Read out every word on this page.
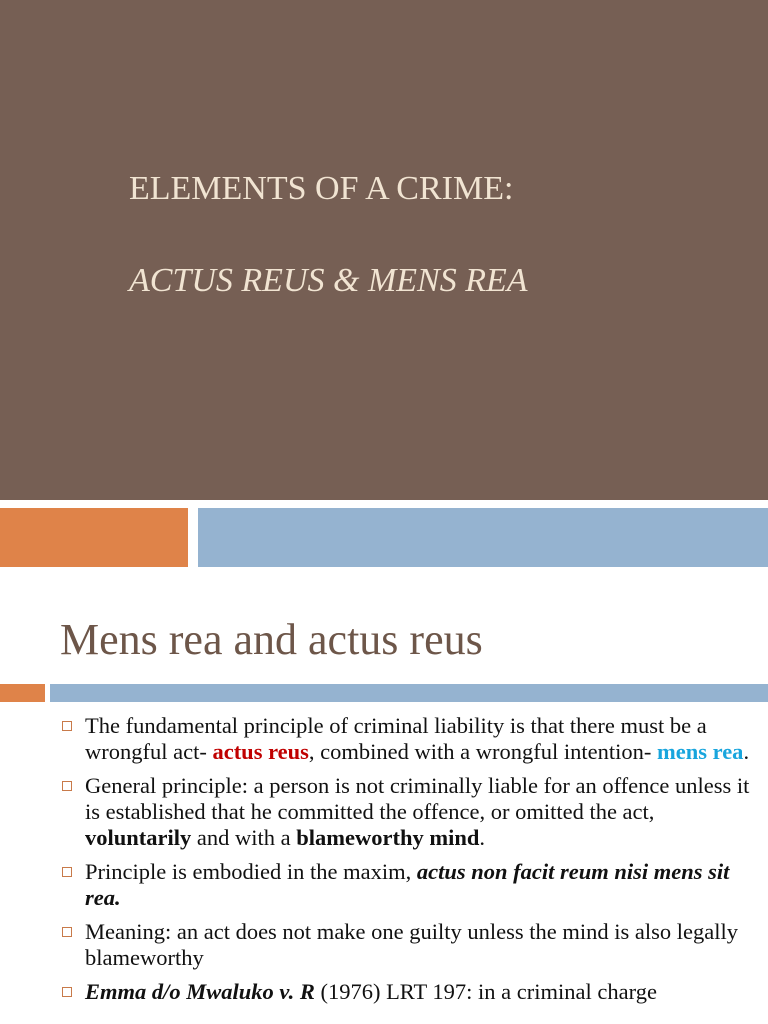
ELEMENTS OF A CRIME:
ACTUS REUS & MENS REA
Mens rea and actus reus
The fundamental principle of criminal liability is that there must be a wrongful act- actus reus, combined with a wrongful intention- mens rea.
General principle: a person is not criminally liable for an offence unless it is established that he committed the offence, or omitted the act, voluntarily and with a blameworthy mind.
Principle is embodied in the maxim, actus non facit reum nisi mens sit rea.
Meaning: an act does not make one guilty unless the mind is also legally blameworthy
Emma d/o Mwaluko v. R (1976) LRT 197: in a criminal charge
